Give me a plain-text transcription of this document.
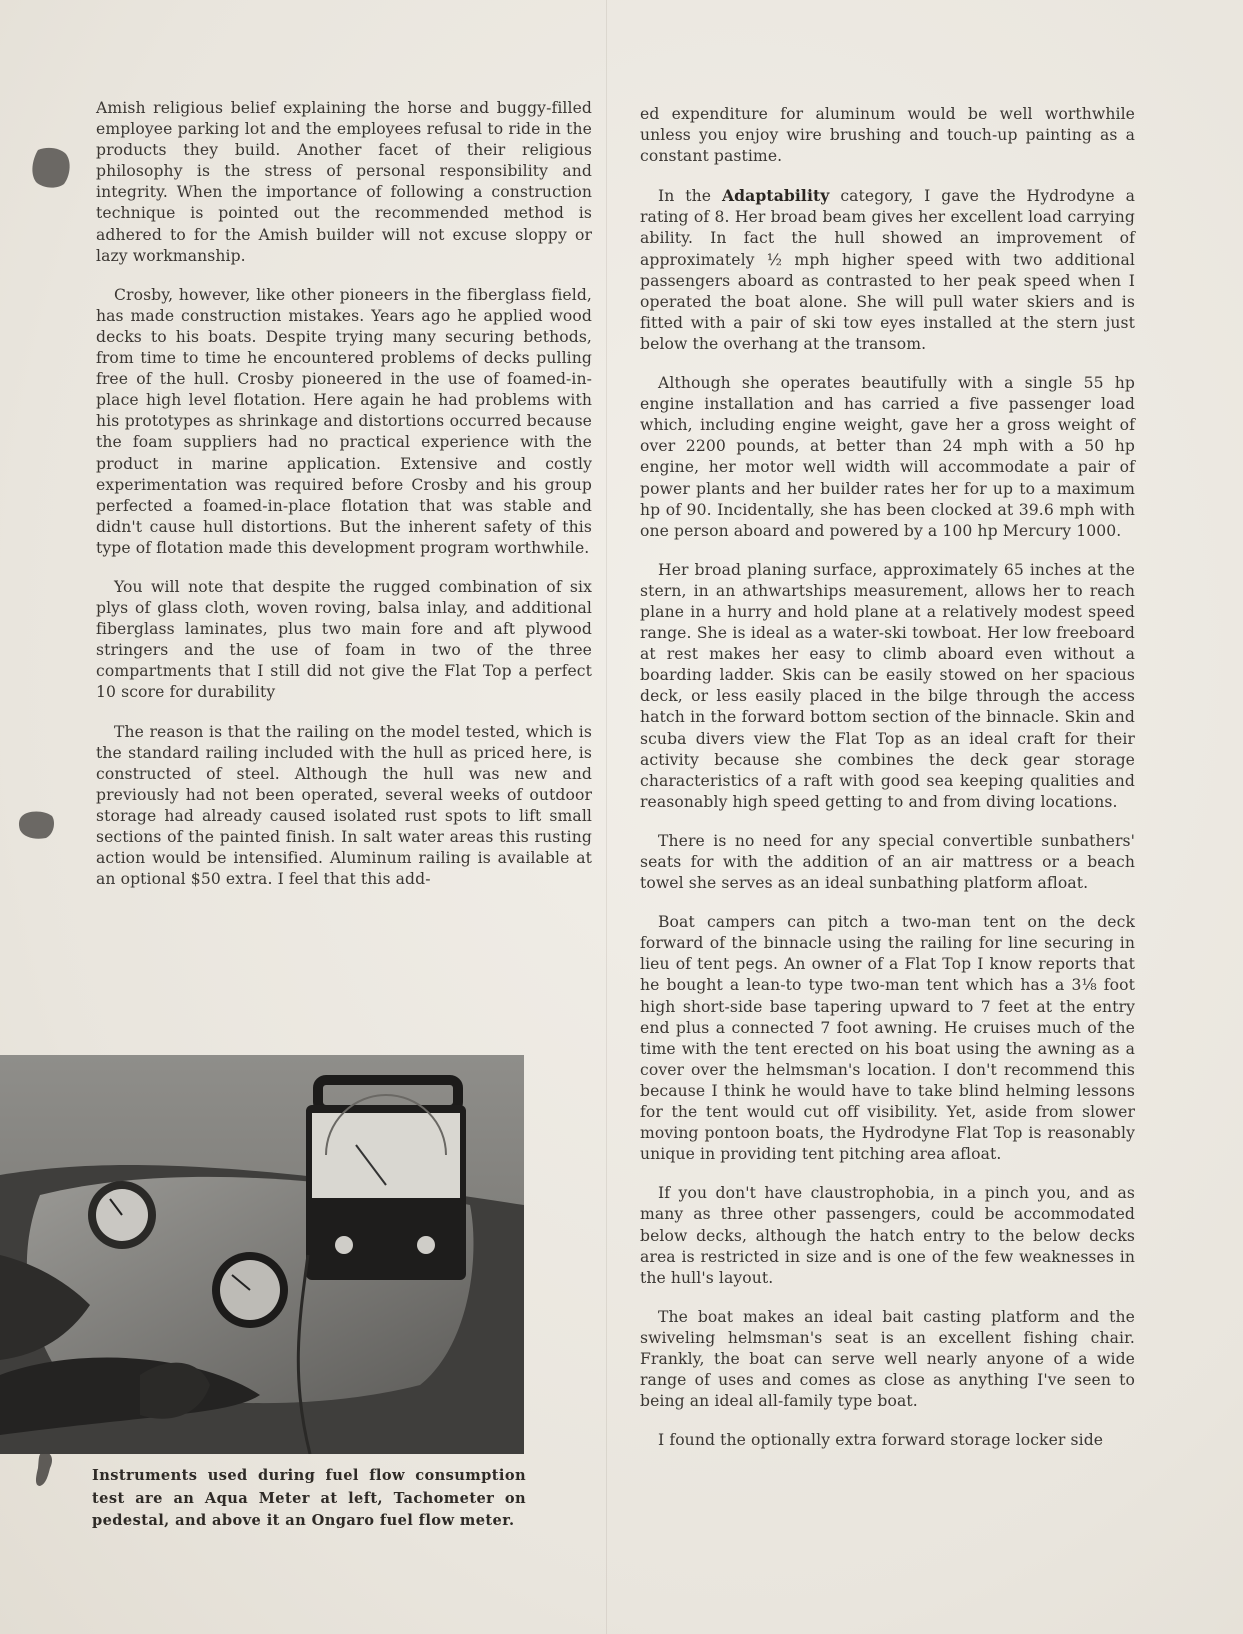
Amish religious belief explaining the horse and buggy-filled employee parking lot and the employees refusal to ride in the products they build. Another facet of their religious philosophy is the stress of personal responsibility and integrity. When the importance of following a construction technique is pointed out the recommended method is adhered to for the Amish builder will not excuse sloppy or lazy workmanship.

Crosby, however, like other pioneers in the fiberglass field, has made construction mistakes. Years ago he applied wood decks to his boats. Despite trying many securing bethods, from time to time he encountered problems of decks pulling free of the hull. Crosby pioneered in the use of foamed-in-place high level flotation. Here again he had problems with his prototypes as shrinkage and distortions occurred because the foam suppliers had no practical experience with the product in marine application. Extensive and costly experimentation was required before Crosby and his group perfected a foamed-in-place flotation that was stable and didn't cause hull distortions. But the inherent safety of this type of flotation made this development program worthwhile.

You will note that despite the rugged combination of six plys of glass cloth, woven roving, balsa inlay, and additional fiberglass laminates, plus two main fore and aft plywood stringers and the use of foam in two of the three compartments that I still did not give the Flat Top a perfect 10 score for durability

The reason is that the railing on the model tested, which is the standard railing included with the hull as priced here, is constructed of steel. Although the hull was new and previously had not been operated, several weeks of outdoor storage had already caused isolated rust spots to lift small sections of the painted finish. In salt water areas this rusting action would be intensified. Aluminum railing is available at an optional $50 extra. I feel that this add-

ed expenditure for aluminum would be well worthwhile unless you enjoy wire brushing and touch-up painting as a constant pastime.

In the Adaptability category, I gave the Hydrodyne a rating of 8. Her broad beam gives her excellent load carrying ability. In fact the hull showed an improvement of approximately ½ mph higher speed with two additional passengers aboard as contrasted to her peak speed when I operated the boat alone. She will pull water skiers and is fitted with a pair of ski tow eyes installed at the stern just below the overhang at the transom.

Although she operates beautifully with a single 55 hp engine installation and has carried a five passenger load which, including engine weight, gave her a gross weight of over 2200 pounds, at better than 24 mph with a 50 hp engine, her motor well width will accommodate a pair of power plants and her builder rates her for up to a maximum hp of 90. Incidentally, she has been clocked at 39.6 mph with one person aboard and powered by a 100 hp Mercury 1000.

Her broad planing surface, approximately 65 inches at the stern, in an athwartships measurement, allows her to reach plane in a hurry and hold plane at a relatively modest speed range. She is ideal as a water-ski towboat. Her low freeboard at rest makes her easy to climb aboard even without a boarding ladder. Skis can be easily stowed on her spacious deck, or less easily placed in the bilge through the access hatch in the forward bottom section of the binnacle. Skin and scuba divers view the Flat Top as an ideal craft for their activity because she combines the deck gear storage characteristics of a raft with good sea keeping qualities and reasonably high speed getting to and from diving locations.

There is no need for any special convertible sunbathers' seats for with the addition of an air mattress or a beach towel she serves as an ideal sunbathing platform afloat.

Boat campers can pitch a two-man tent on the deck forward of the binnacle using the railing for line securing in lieu of tent pegs. An owner of a Flat Top I know reports that he bought a lean-to type two-man tent which has a 3⅛ foot high short-side base tapering upward to 7 feet at the entry end plus a connected 7 foot awning. He cruises much of the time with the tent erected on his boat using the awning as a cover over the helmsman's location. I don't recommend this because I think he would have to take blind helming lessons for the tent would cut off visibility. Yet, aside from slower moving pontoon boats, the Hydrodyne Flat Top is reasonably unique in providing tent pitching area afloat.

If you don't have claustrophobia, in a pinch you, and as many as three other passengers, could be accommodated below decks, although the hatch entry to the below decks area is restricted in size and is one of the few weaknesses in the hull's layout.

The boat makes an ideal bait casting platform and the swiveling helmsman's seat is an excellent fishing chair. Frankly, the boat can serve well nearly anyone of a wide range of uses and comes as close as anything I've seen to being an ideal all-family type boat.

I found the optionally extra forward storage locker side

Instruments used during fuel flow consumption test are an Aqua Meter at left, Tachometer on pedestal, and above it an Ongaro fuel flow meter.
